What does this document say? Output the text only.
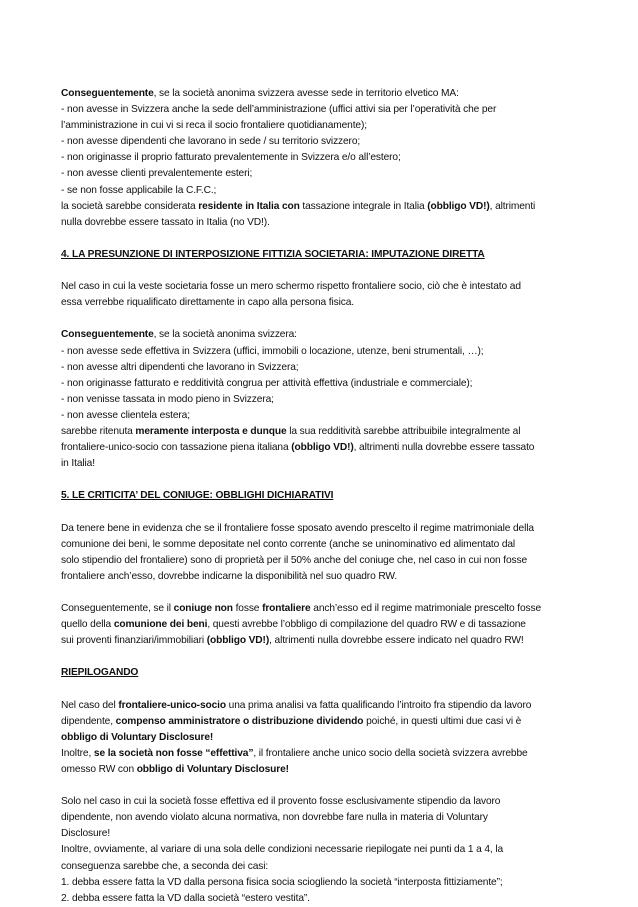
Conseguentemente, se la società anonima svizzera avesse sede in territorio elvetico MA:
- non avesse in Svizzera anche la sede dell’amministrazione (uffici attivi sia per l’operatività che per
l’amministrazione in cui vi si reca il socio frontaliere quotidianamente);
- non avesse dipendenti che lavorano in sede / su territorio svizzero;
- non originasse il proprio fatturato prevalentemente in Svizzera e/o all’estero;
- non avesse clienti prevalentemente esteri;
- se non fosse applicabile la C.F.C.;
la società sarebbe considerata residente in Italia con tassazione integrale in Italia (obbligo VD!), altrimenti
nulla dovrebbe essere tassato in Italia (no VD!).

4. LA PRESUNZIONE DI INTERPOSIZIONE FITTIZIA SOCIETARIA: IMPUTAZIONE DIRETTA

Nel caso in cui la veste societaria fosse un mero schermo rispetto frontaliere socio, ciò che è intestato ad
essa verrebbe riqualificato direttamente in capo alla persona fisica.

Conseguentemente, se la società anonima svizzera:
- non avesse sede effettiva in Svizzera (uffici, immobili o locazione, utenze, beni strumentali, …);
- non avesse altri dipendenti che lavorano in Svizzera;
- non originasse fatturato e redditività congrua per attività effettiva (industriale e commerciale);
- non venisse tassata in modo pieno in Svizzera;
- non avesse clientela estera;
sarebbe ritenuta meramente interposta e dunque la sua redditività sarebbe attribuibile integralmente al
frontaliere-unico-socio con tassazione piena italiana (obbligo VD!), altrimenti nulla dovrebbe essere tassato
in Italia!

5. LE CRITICITA’ DEL CONIUGE: OBBLIGHI DICHIARATIVI

Da tenere bene in evidenza che se il frontaliere fosse sposato avendo prescelto il regime matrimoniale della
comunione dei beni, le somme depositate nel conto corrente (anche se uninominativo ed alimentato dal
solo stipendio del frontaliere) sono di proprietà per il 50% anche del coniuge che, nel caso in cui non fosse
frontaliere anch’esso, dovrebbe indicarne la disponibilità nel suo quadro RW.

Conseguentemente, se il coniuge non fosse frontaliere anch’esso ed il regime matrimoniale prescelto fosse
quello della comunione dei beni, questi avrebbe l’obbligo di compilazione del quadro RW e di tassazione
sui proventi finanziari/immobiliari (obbligo VD!), altrimenti nulla dovrebbe essere indicato nel quadro RW!

RIEPILOGANDO

Nel caso del frontaliere-unico-socio una prima analisi va fatta qualificando l’introito fra stipendio da lavoro
dipendente, compenso amministratore o distribuzione dividendo poiché, in questi ultimi due casi vi è
obbligo di Voluntary Disclosure!
Inoltre, se la società non fosse “effettiva”, il frontaliere anche unico socio della società svizzera avrebbe
omesso RW con obbligo di Voluntary Disclosure!

Solo nel caso in cui la società fosse effettiva ed il provento fosse esclusivamente stipendio da lavoro
dipendente, non avendo violato alcuna normativa, non dovrebbe fare nulla in materia di Voluntary
Disclosure!
Inoltre, ovviamente, al variare di una sola delle condizioni necessarie riepilogate nei punti da 1 a 4, la
conseguenza sarebbe che, a seconda dei casi:
1. debba essere fatta la VD dalla persona fisica socia sciogliendo la società “interposta fittiziamente”;
2. debba essere fatta la VD dalla società “estero vestita”.
